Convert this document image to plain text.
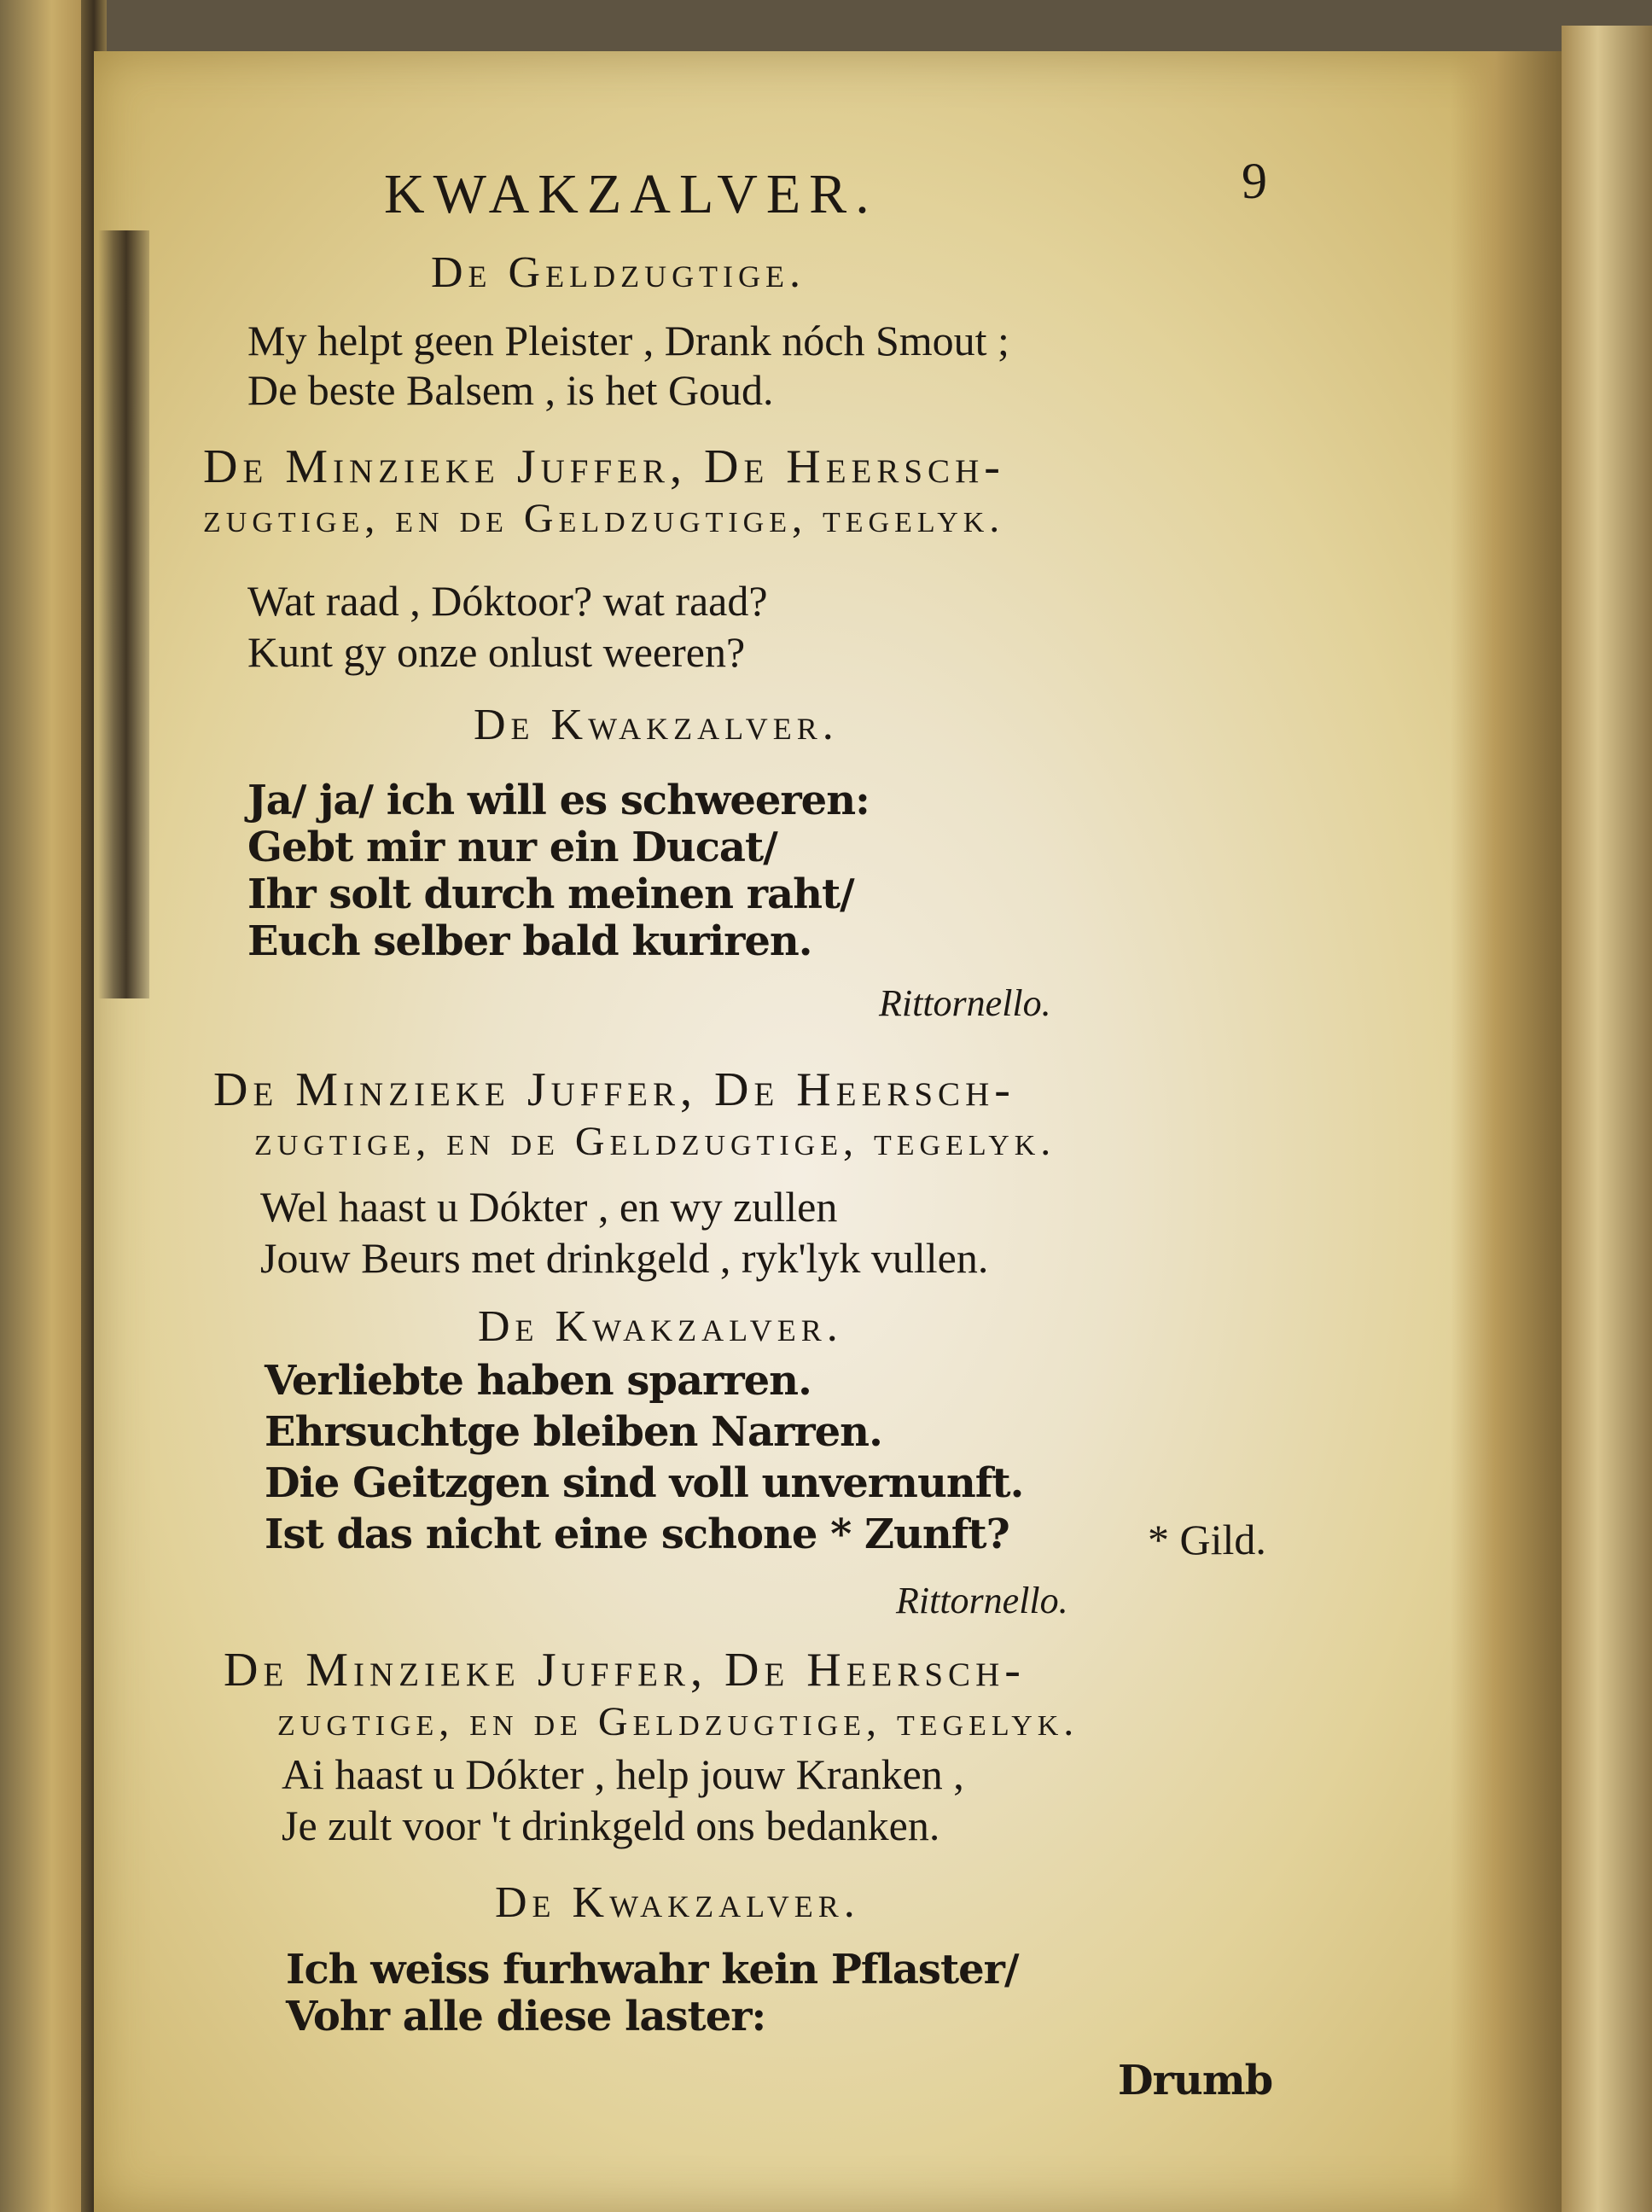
KWAKZALVER.	9
De Geldzugtige.
My helpt geen Pleister , Drank nóch Smout ;
De beste Balsem , is het Goud.
De Minzieke Juffer, De Heersch-
zugtige, en de Geldzugtige, tegelyk.
Wat raad , Dóktoor? wat raad?
Kunt gy onze onlust weeren?
De Kwakzalver.
Ja/ ja/ ich will es schweeren:
Gebt mir nur ein Ducat/
Ihr solt durch meinen raht/
Euch selber bald kuriren.
Rittornello.
De Minzieke Juffer, De Heersch-
zugtige, en de Geldzugtige, tegelyk.
Wel haast u Dókter , en wy zullen
Jouw Beurs met drinkgeld , ryk'lyk vullen.
De Kwakzalver.
Verliebte haben sparren.
Ehrsuchtge bleiben Narren.
Die Geitzgen sind voll unvernunft.
Ist das nicht eine schone * Zunft?	* Gild.
Rittornello.
De Minzieke Juffer, De Heersch-
zugtige, en de Geldzugtige, tegelyk.
Ai haast u Dókter , help jouw Kranken ,
Je zult voor 't drinkgeld ons bedanken.
De Kwakzalver.
Ich weiss furhwahr kein Pflaster/
Vohr alle diese laster:
Drumb
